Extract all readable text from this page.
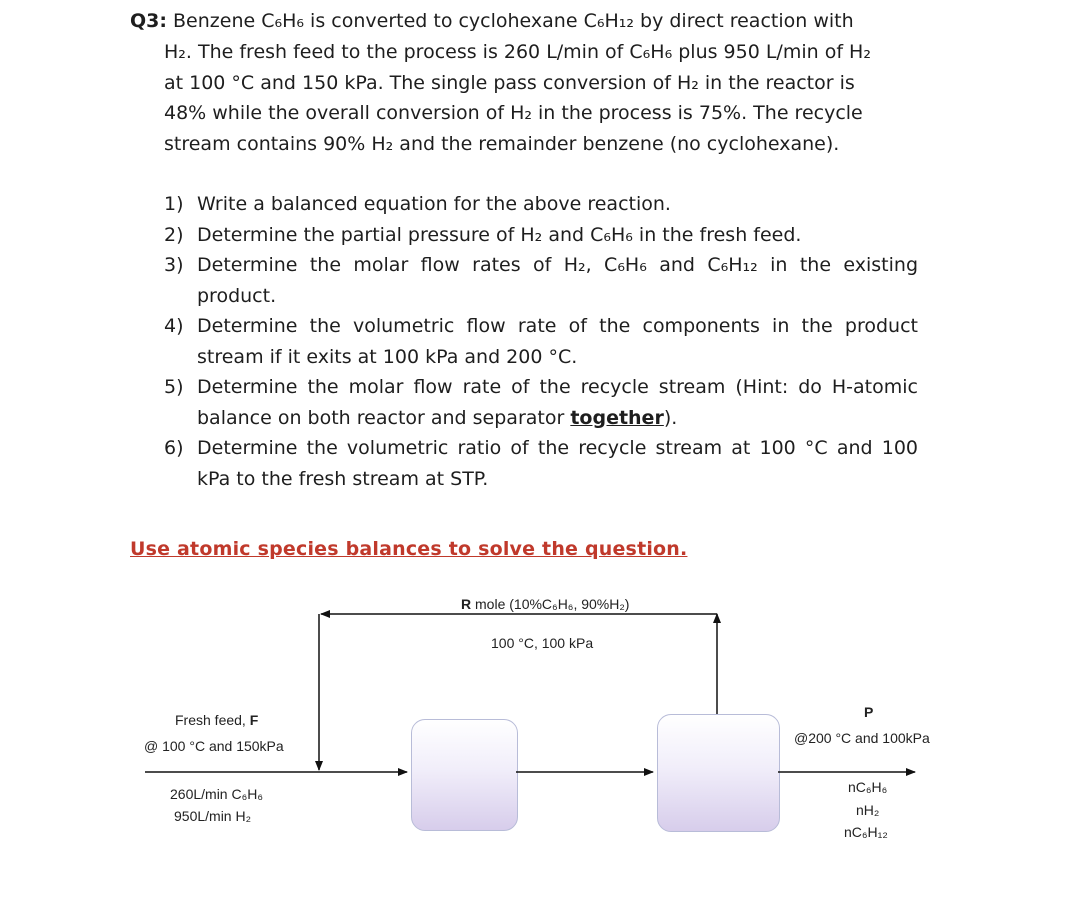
Q3: Benzene C₆H₆ is converted to cyclohexane C₆H₁₂ by direct reaction with
H₂. The fresh feed to the process is 260 L/min of C₆H₆ plus 950 L/min of H₂
at 100 °C and 150 kPa. The single pass conversion of H₂ in the reactor is
48% while the overall conversion of H₂ in the process is 75%. The recycle
stream contains 90% H₂ and the remainder benzene (no cyclohexane).
1) Write a balanced equation for the above reaction.
2) Determine the partial pressure of H₂ and C₆H₆ in the fresh feed.
3) Determine the molar flow rates of H₂, C₆H₆ and C₆H₁₂ in the existing product.
4) Determine the volumetric flow rate of the components in the product stream if it exits at 100 kPa and 200 °C.
5) Determine the molar flow rate of the recycle stream (Hint: do H-atomic balance on both reactor and separator together).
6) Determine the volumetric ratio of the recycle stream at 100 °C and 100 kPa to the fresh stream at STP.
Use atomic species balances to solve the question.
R mole (10%C₆H₆, 90%H₂)
100 °C, 100 kPa
Fresh feed, F
@ 100 °C and 150kPa
260L/min C₆H₆
950L/min H₂
P
@200 °C and 100kPa
nC₆H₆
nH₂
nC₆H₁₂
